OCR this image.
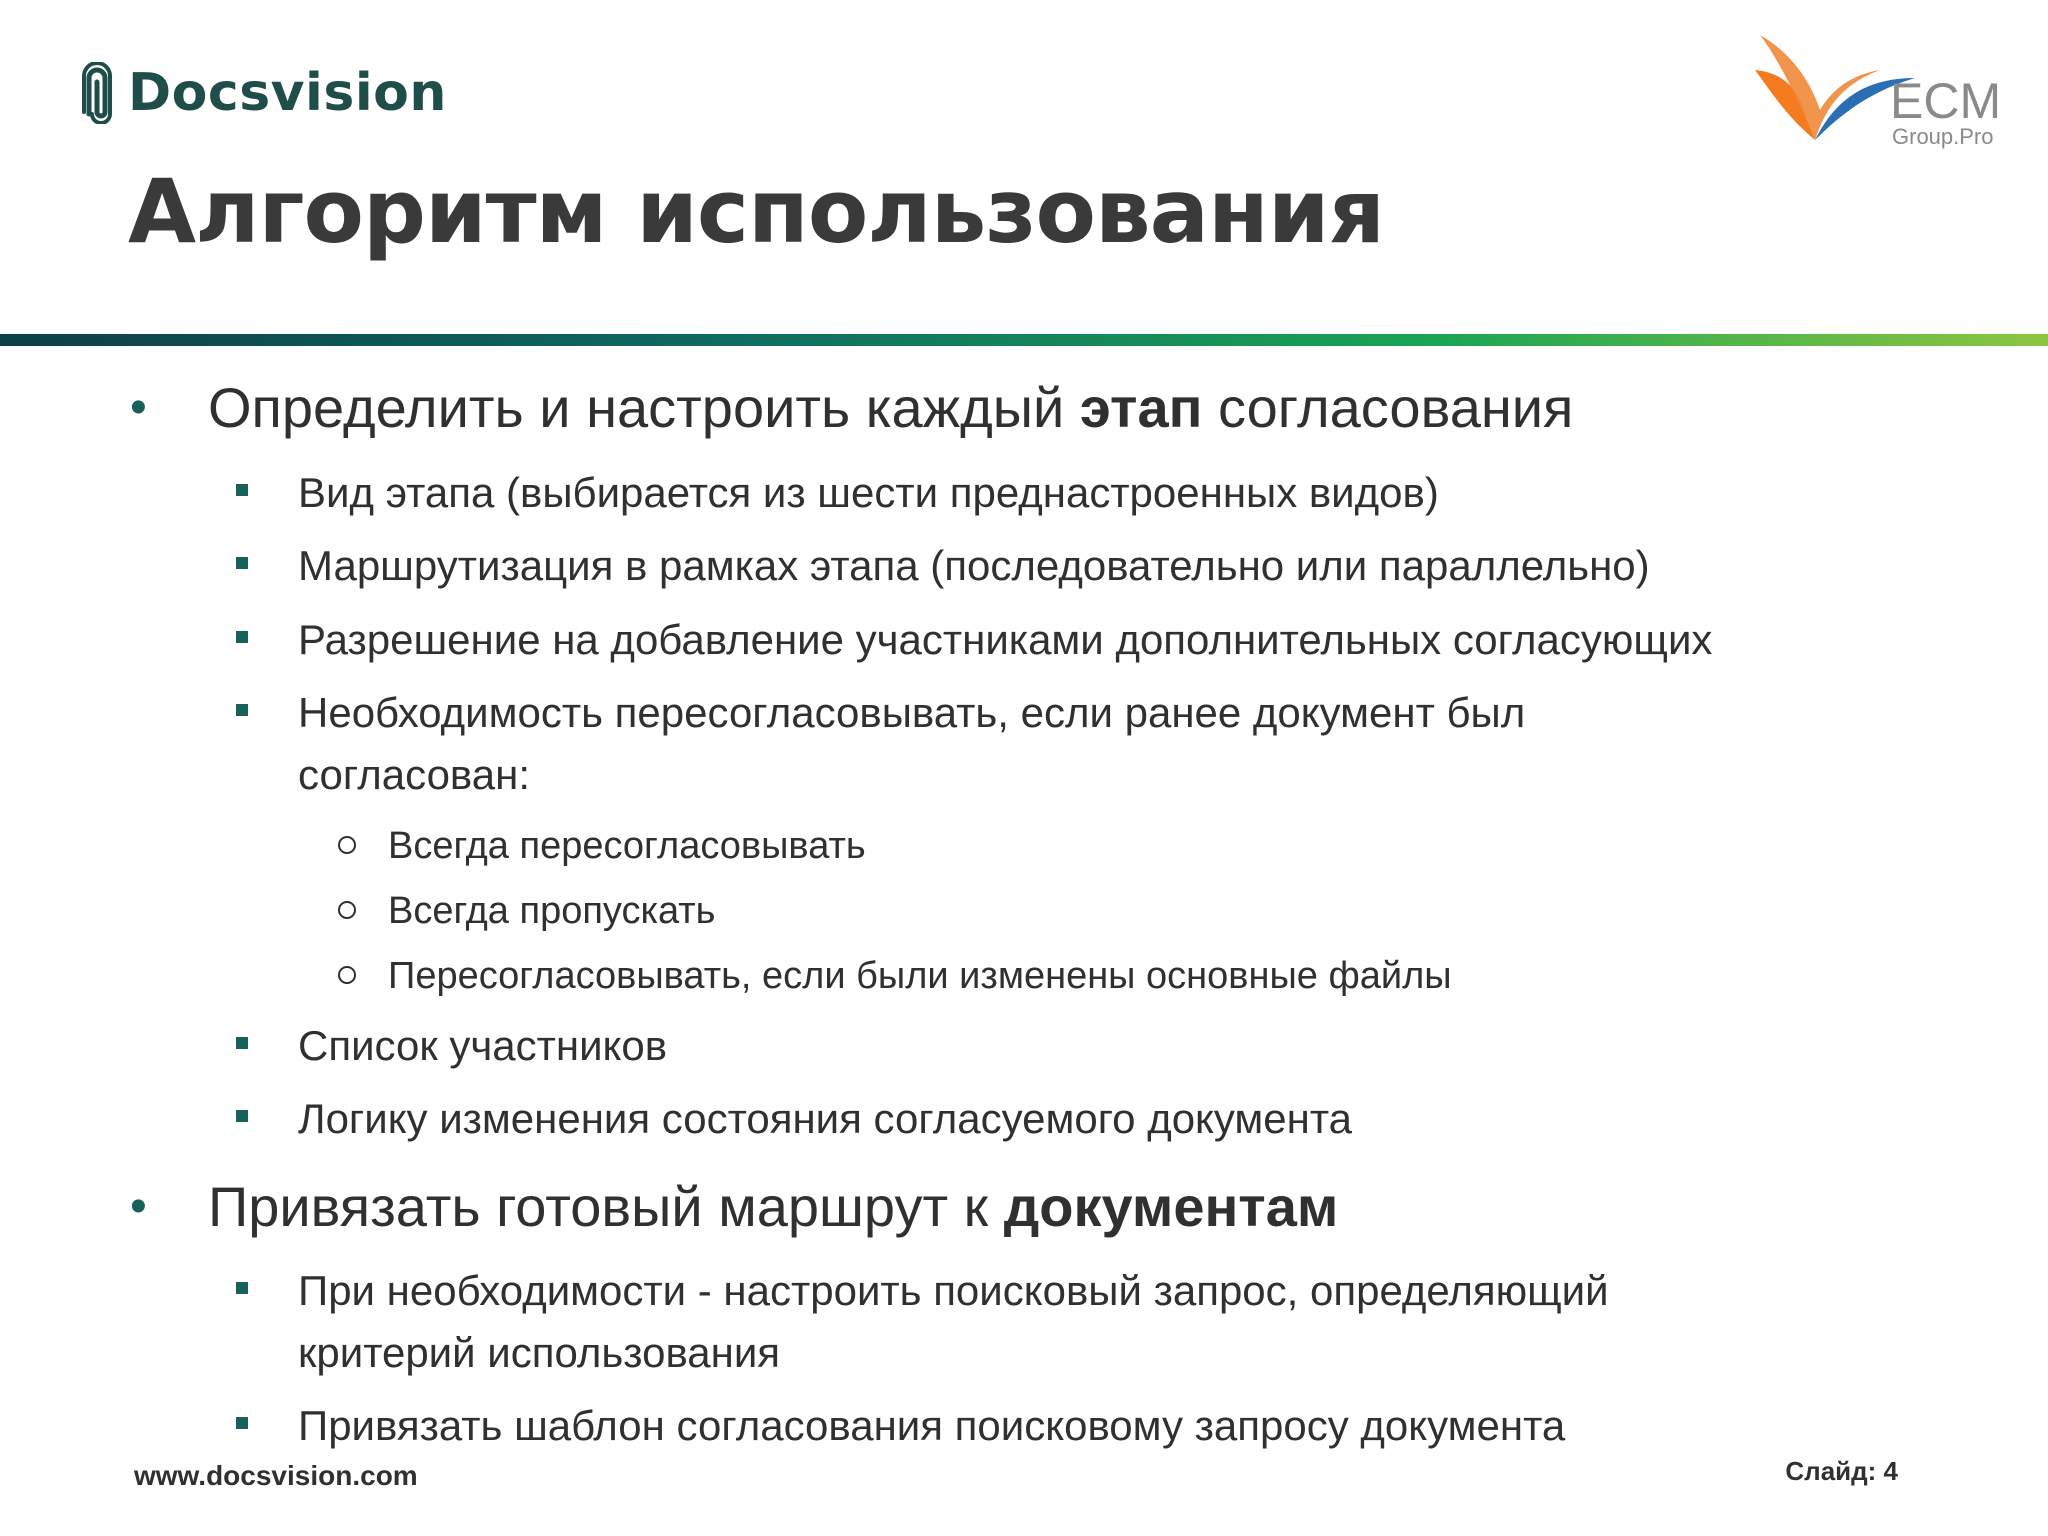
Docsvision	ECM
Group.Pro
Алгоритм использования

• Определить и настроить каждый этап согласования

Вид этапа (выбирается из шести преднастроенных видов)

Маршрутизация в рамках этапа (последовательно или параллельно)

Разрешение на добавление участниками дополнительных согласующих

Необходимость пересогласовывать, если ранее документ был

согласован:

Всегда пересогласовывать

Всегда пропускать

Пересогласовывать, если были изменены основные файлы

Список участников

Логику изменения состояния согласуемого документа

• Привязать готовый маршрут к документам

При необходимости - настроить поисковый запрос, определяющий

критерий использования

Привязать шаблон согласования поисковому запросу документа

www.docsvision.com	Слайд: 4
